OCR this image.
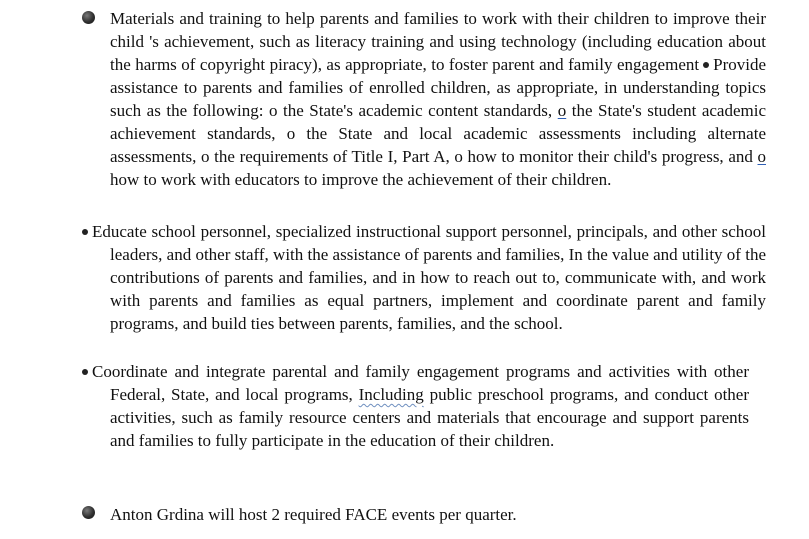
Materials and training to help parents and families to work with their children to improve their child 's achievement, such as literacy training and using technology (including education about the harms of copyright piracy), as appropriate, to foster parent and family engagement Provide assistance to parents and families of enrolled children, as appropriate, in understanding topics such as the following: o the State's academic content standards, o the State's student academic achievement standards, o the State and local academic assessments including alternate assessments, o the requirements of Title I, Part A, o how to monitor their child's progress, and o how to work with educators to improve the achievement of their children.
Educate school personnel, specialized instructional support personnel, principals, and other school leaders, and other staff, with the assistance of parents and families, In the value and utility of the contributions of parents and families, and in how to reach out to, communicate with, and work with parents and families as equal partners, implement and coordinate parent and family programs, and build ties between parents, families, and the school.
Coordinate and integrate parental and family engagement programs and activities with other Federal, State, and local programs, Including public preschool programs, and conduct other activities, such as family resource centers and materials that encourage and support parents and families to fully participate in the education of their children.
Anton Grdina will host 2 required FACE events per quarter.
